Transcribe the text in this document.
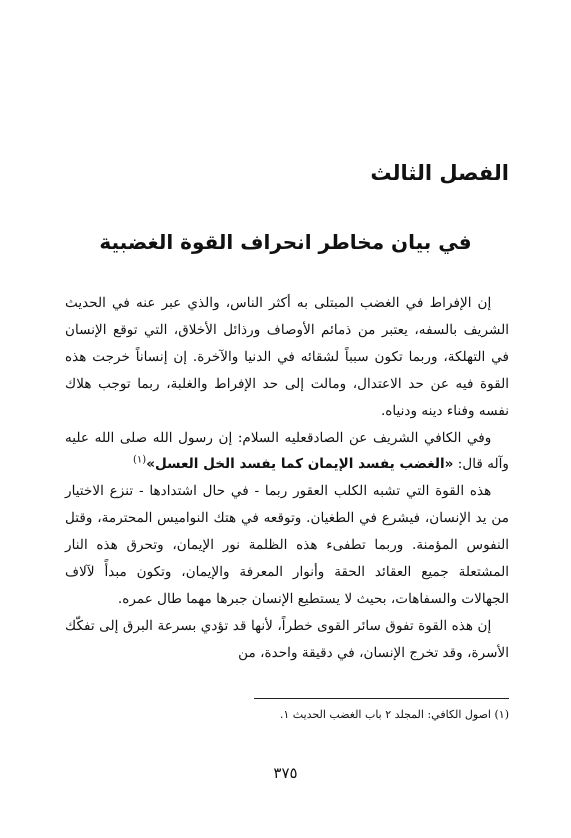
الفصل الثالث
في بيان مخاطر انحراف القوة الغضبية

إن الإفراط في الغضب المبتلى به أكثر الناس، والذي عبر عنه في الحديث الشريف بالسفه، يعتبر من ذمائم الأوصاف ورذائل الأخلاق، التي توقع الإنسان في التهلكة، وربما تكون سبباً لشقائه في الدنيا والآخرة. إن إنساناً خرجت هذه القوة فيه عن حد الاعتدال، ومالت إلى حد الإفراط والغلبة، ربما توجب هلاك نفسه وفناء دينه ودنياه.

وفي الكافي الشريف عن الصادقعليه السلام: إن رسول الله صلى الله عليه وآله قال: «الغضب يفسد الإيمان كما يفسد الخل العسل»$^{(١)}$

هذه القوة التي تشبه الكلب العقور ربما - في حال اشتدادها - تنزع الاختيار من يد الإنسان، فيشرع في الطغيان. وتوقعه في هتك النواميس المحترمة، وقتل النفوس المؤمنة. وربما تطفىء هذه الظلمة نور الإيمان، وتحرق هذه النار المشتعلة جميع العقائد الحقة وأنوار المعرفة والإيمان، وتكون مبدأً لآلاف الجهالات والسفاهات، بحيث لا يستطيع الإنسان جبرها مهما طال عمره.

إن هذه القوة تفوق سائر القوى خطراً، لأنها قد تؤدي بسرعة البرق إلى تفكّك الأسرة، وقد تخرج الإنسان، في دقيقة واحدة، من

(١) اصول الكافي: المجلد ٢ باب الغضب الحديث ١.
٣٧٥
